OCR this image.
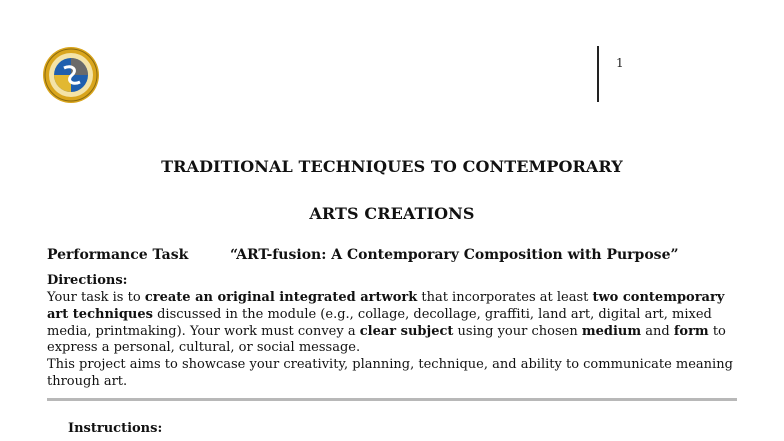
1
TRADITIONAL TECHNIQUES TO CONTEMPORARY
ARTS CREATIONS
Performance Task	“ART-fusion: A Contemporary Composition with Purpose”
Directions:

Your task is to create an original integrated artwork that incorporates at least two contemporary art techniques discussed in the module (e.g., collage, decollage, graffiti, land art, digital art, mixed media, printmaking). Your work must convey a clear subject using your chosen medium and form to express a personal, cultural, or social message.

This project aims to showcase your creativity, planning, technique, and ability to communicate meaning through art.

Instructions:
